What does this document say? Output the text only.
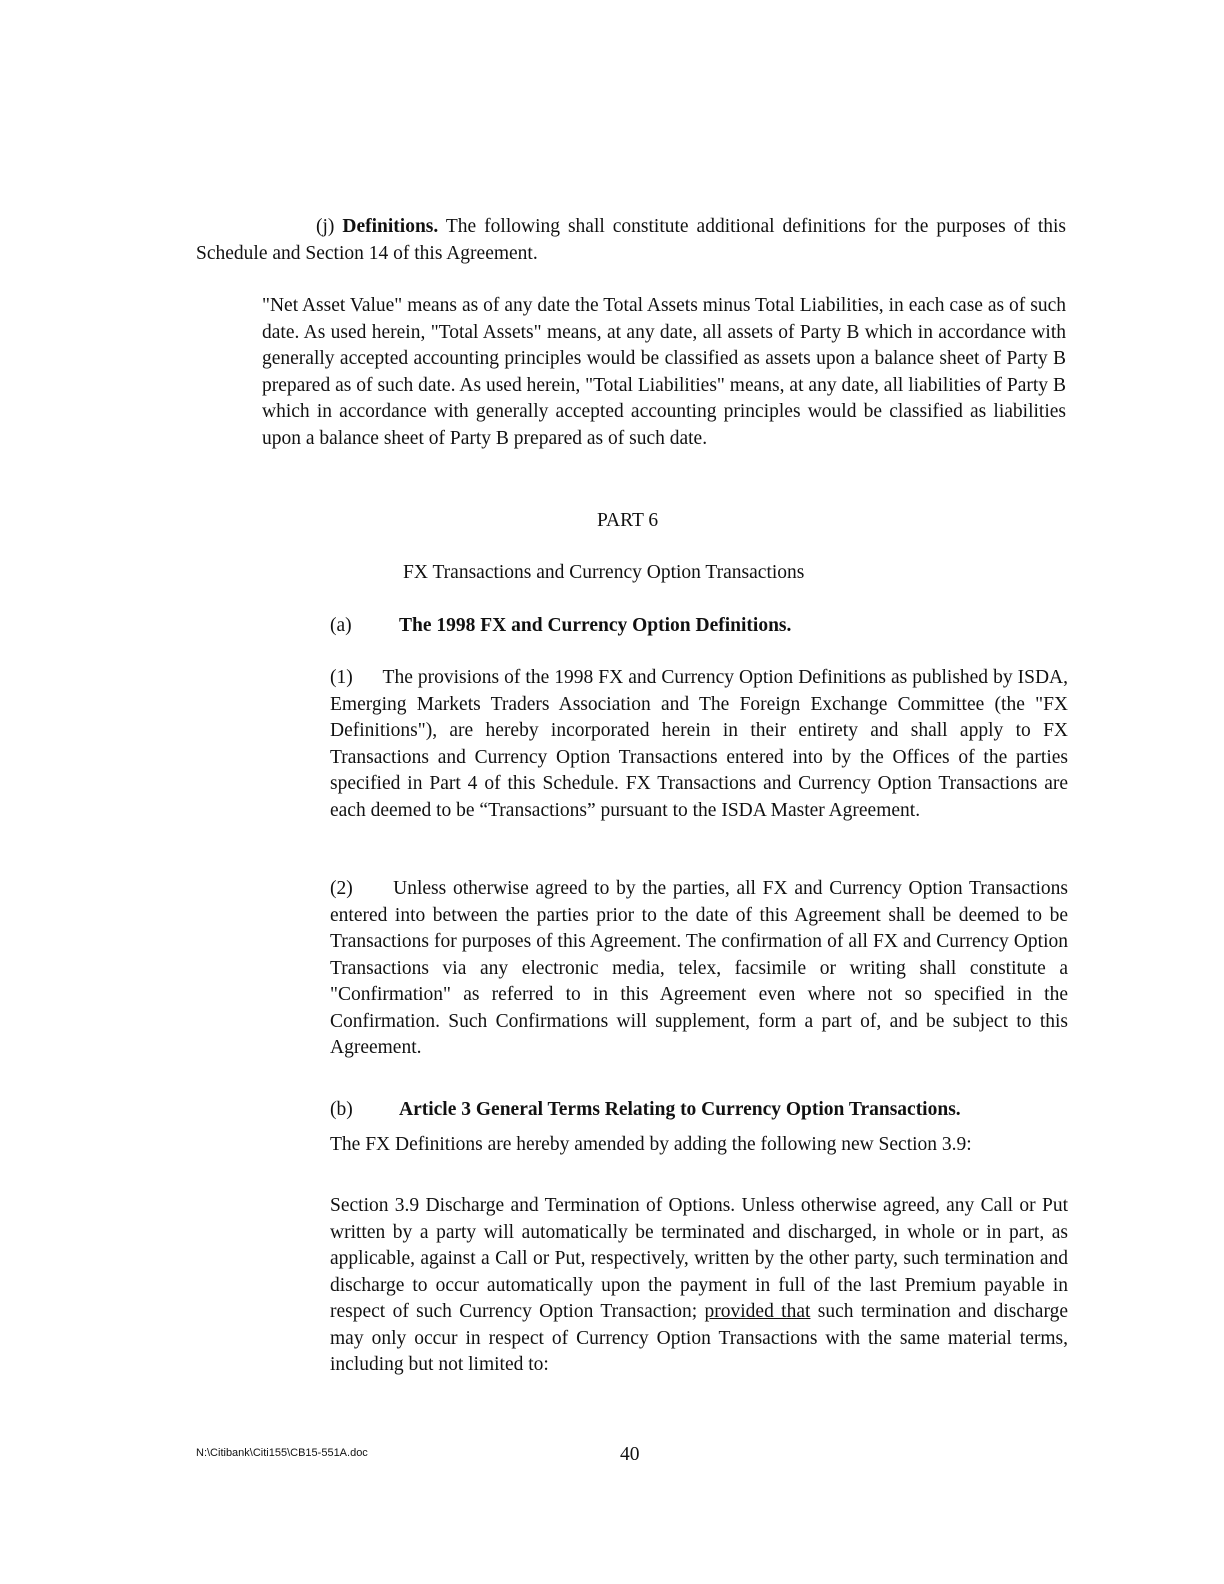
(j) Definitions. The following shall constitute additional definitions for the purposes of this Schedule and Section 14 of this Agreement.

"Net Asset Value" means as of any date the Total Assets minus Total Liabilities, in each case as of such date. As used herein, "Total Assets" means, at any date, all assets of Party B which in accordance with generally accepted accounting principles would be classified as assets upon a balance sheet of Party B prepared as of such date. As used herein, "Total Liabilities" means, at any date, all liabilities of Party B which in accordance with generally accepted accounting principles would be classified as liabilities upon a balance sheet of Party B prepared as of such date.

PART 6
FX Transactions and Currency Option Transactions
(a) The 1998 FX and Currency Option Definitions.

(1)      The provisions of the 1998 FX and Currency Option Definitions as published by ISDA, Emerging Markets Traders Association and The Foreign Exchange Committee (the "FX Definitions"), are hereby incorporated herein in their entirety and shall apply to FX Transactions and Currency Option Transactions entered into by the Offices of the parties specified in Part 4 of this Schedule. FX Transactions and Currency Option Transactions are each deemed to be “Transactions” pursuant to the ISDA Master Agreement.

(2)      Unless otherwise agreed to by the parties, all FX and Currency Option Transactions entered into between the parties prior to the date of this Agreement shall be deemed to be Transactions for purposes of this Agreement. The confirmation of all FX and Currency Option Transactions via any electronic media, telex, facsimile or writing shall constitute a "Confirmation" as referred to in this Agreement even where not so specified in the Confirmation. Such Confirmations will supplement, form a part of, and be subject to this Agreement.

(b) Article 3 General Terms Relating to Currency Option Transactions.

The FX Definitions are hereby amended by adding the following new Section 3.9:

Section 3.9 Discharge and Termination of Options. Unless otherwise agreed, any Call or Put written by a party will automatically be terminated and discharged, in whole or in part, as applicable, against a Call or Put, respectively, written by the other party, such termination and discharge to occur automatically upon the payment in full of the last Premium payable in respect of such Currency Option Transaction; provided that such termination and discharge may only occur in respect of Currency Option Transactions with the same material terms, including but not limited to:

N:\Citibank\Citi155\CB15-551A.doc	40
